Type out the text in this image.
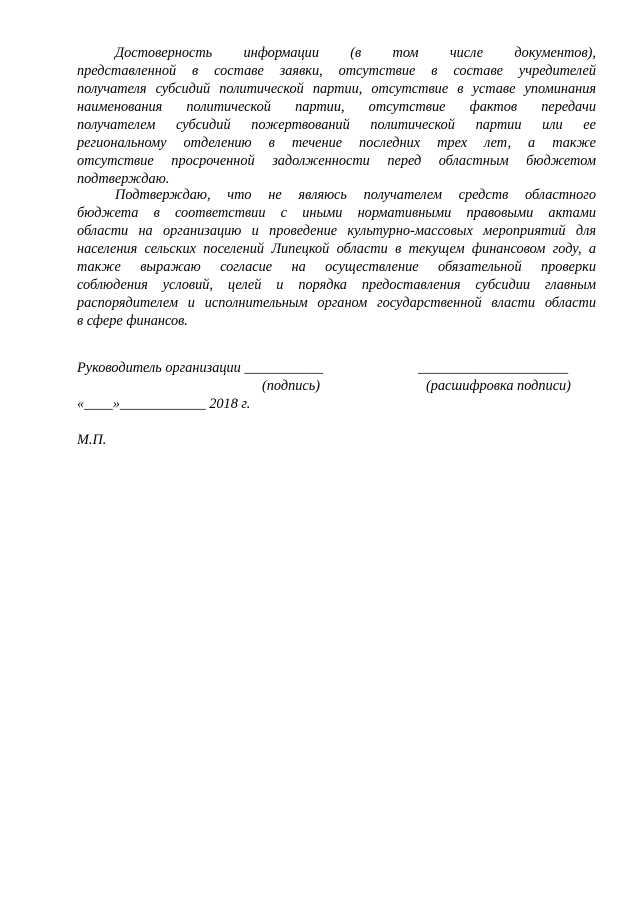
Достоверность информации (в том числе документов),
представленной в составе заявки, отсутствие в составе учредителей
получателя субсидий политической партии, отсутствие в уставе упоминания
наименования политической партии, отсутствие фактов передачи
получателем субсидий пожертвований политической партии или ее
региональному отделению в течение последних трех лет, а также
отсутствие просроченной задолженности перед областным бюджетом
подтверждаю.
Подтверждаю, что не являюсь получателем средств областного
бюджета в соответствии с иными нормативными правовыми актами
области на организацию и проведение культурно-массовых мероприятий для
населения сельских поселений Липецкой области в текущем финансовом году, а
также выражаю согласие на осуществление обязательной проверки
соблюдения условий, целей и порядка предоставления субсидии главным
распорядителем и исполнительным органом государственной власти области
в сфере финансов.
Руководитель организации ___________	_____________________
(подпись)	(расшифровка подписи)
«____»____________ 2018 г.
М.П.
